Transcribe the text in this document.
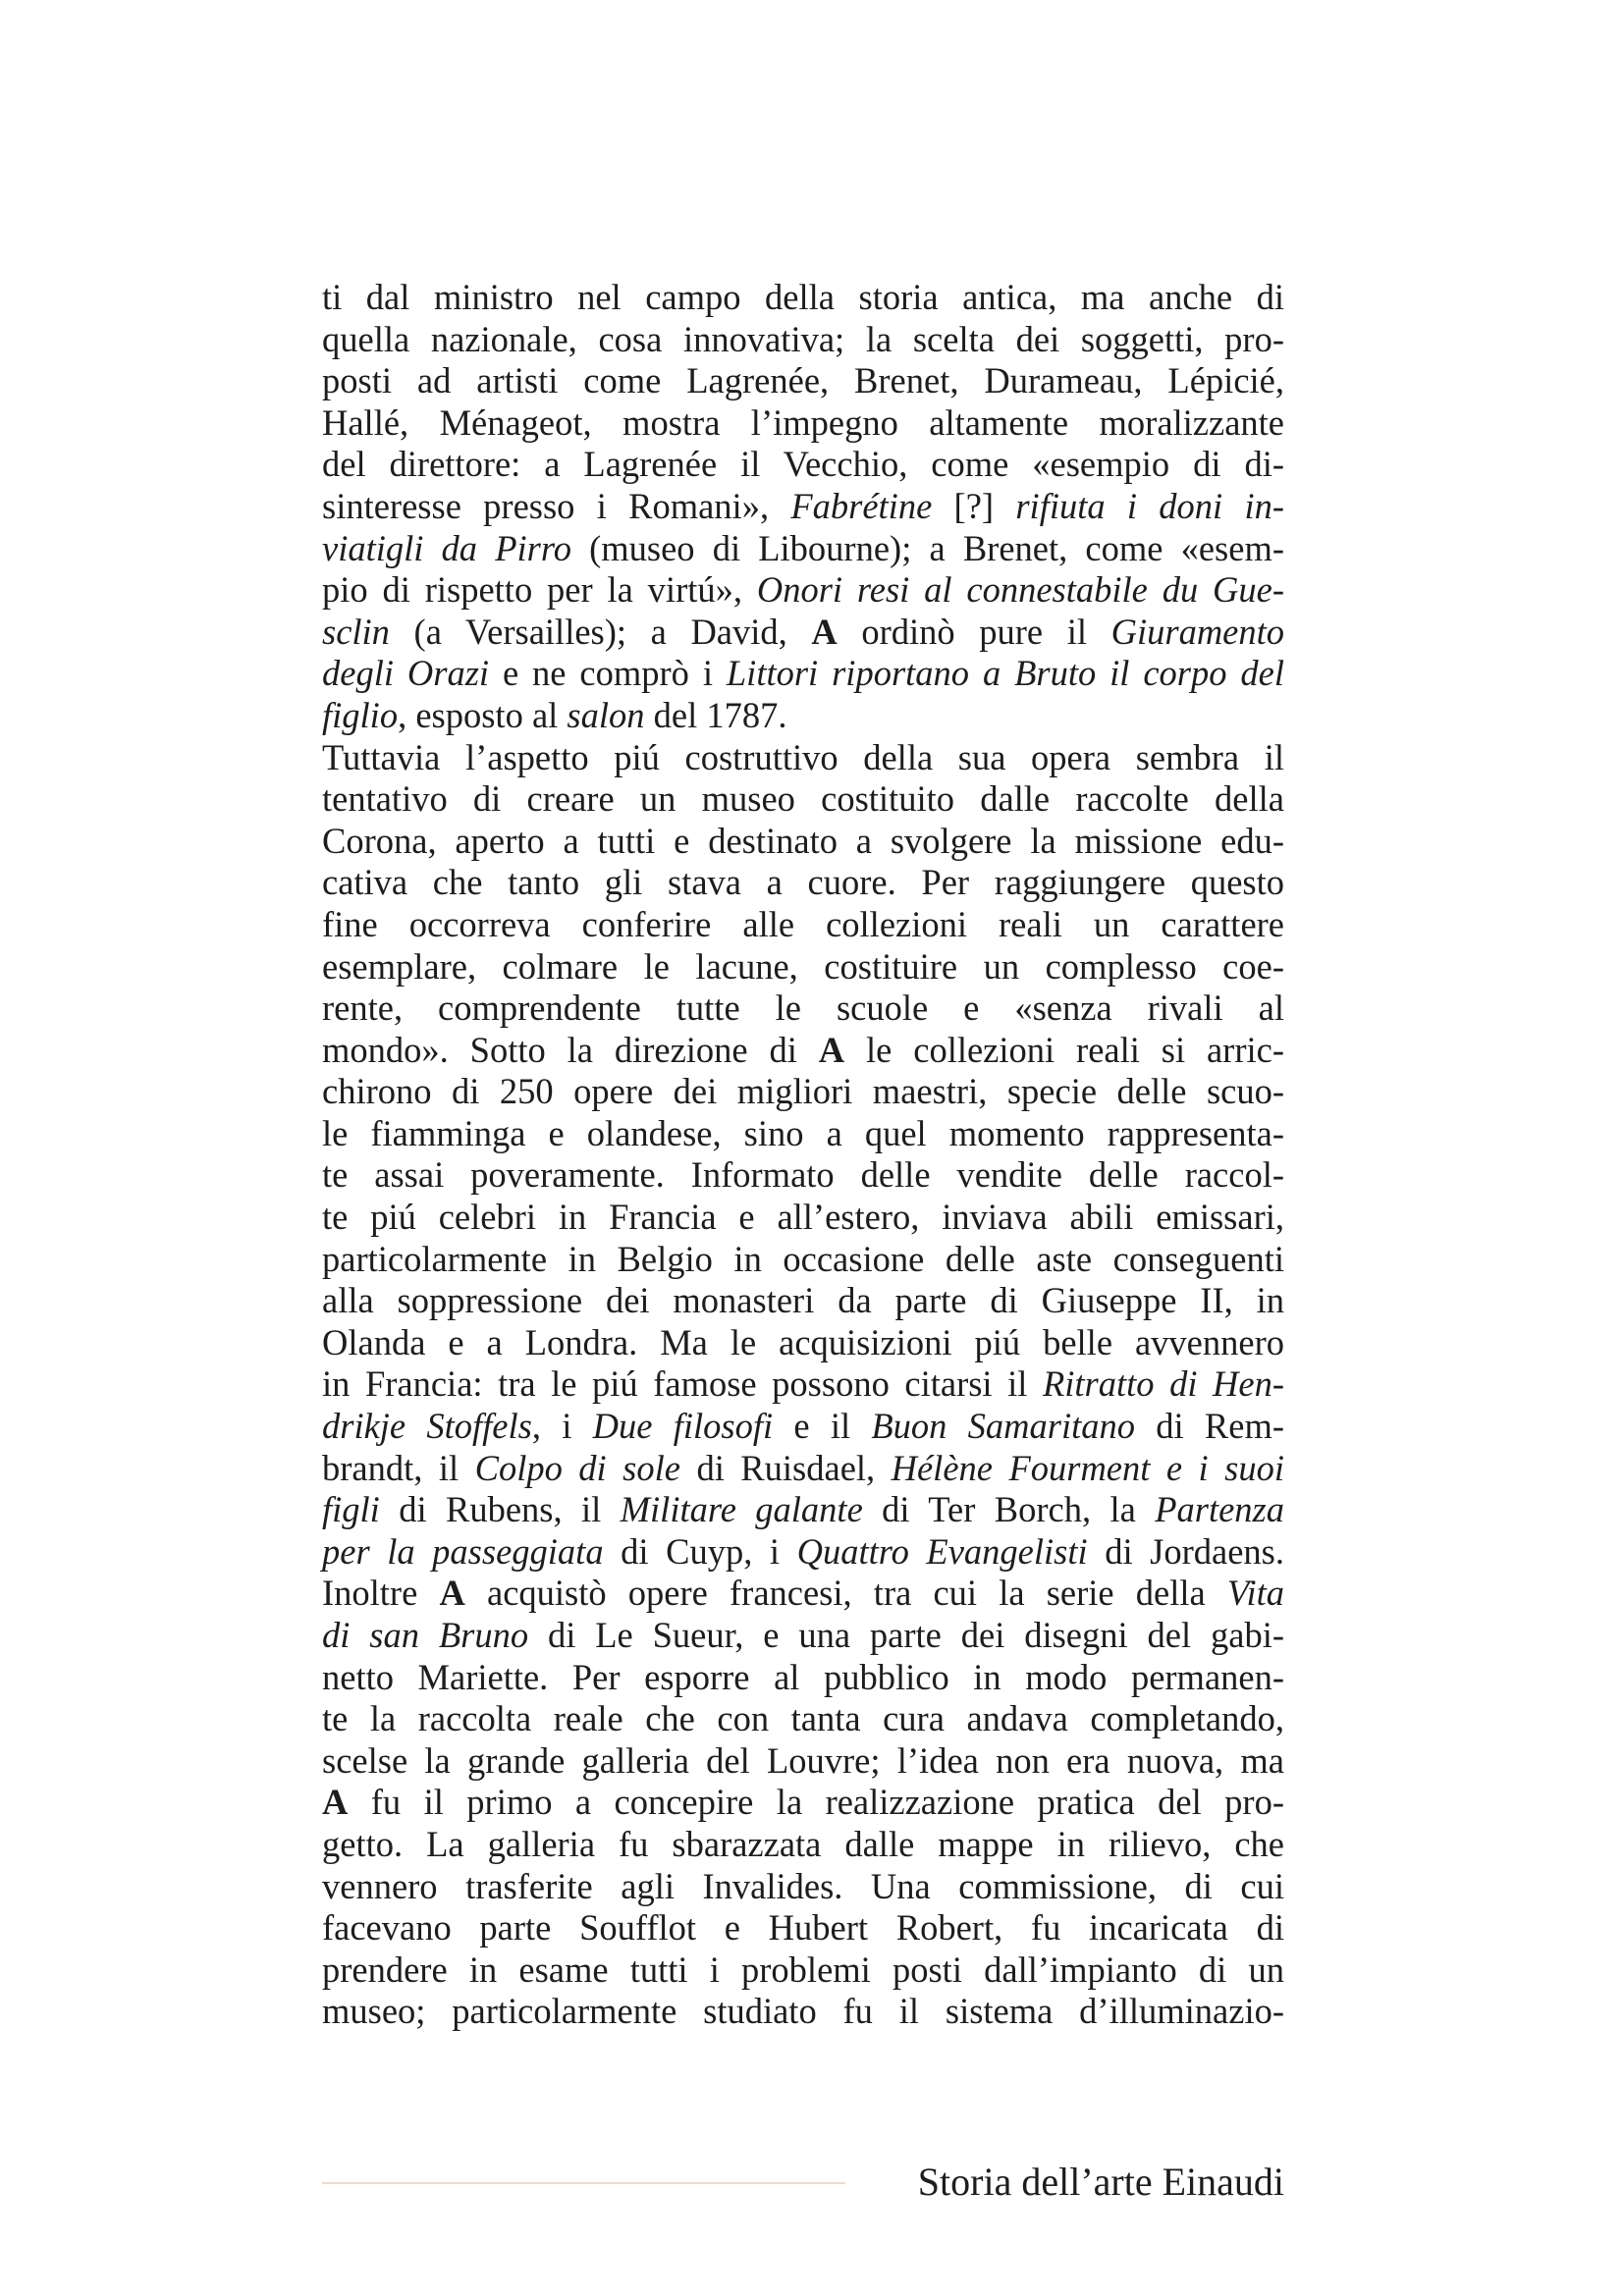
ti dal ministro nel campo della storia antica, ma anche di
quella nazionale, cosa innovativa; la scelta dei soggetti, pro-
posti ad artisti come Lagrenée, Brenet, Durameau, Lépicié,
Hallé, Ménageot, mostra l’impegno altamente moralizzante
del direttore: a Lagrenée il Vecchio, come «esempio di di-
sinteresse presso i Romani», Fabrétine [?] rifiuta i doni in-
viatigli da Pirro (museo di Libourne); a Brenet, come «esem-
pio di rispetto per la virtú», Onori resi al connestabile du Gue-
sclin (a Versailles); a David, A ordinò pure il Giuramento
degli Orazi e ne comprò i Littori riportano a Bruto il corpo del
figlio, esposto al salon del 1787.
Tuttavia l’aspetto piú costruttivo della sua opera sembra il
tentativo di creare un museo costituito dalle raccolte della
Corona, aperto a tutti e destinato a svolgere la missione edu-
cativa che tanto gli stava a cuore. Per raggiungere questo
fine occorreva conferire alle collezioni reali un carattere
esemplare, colmare le lacune, costituire un complesso coe-
rente, comprendente tutte le scuole e «senza rivali al
mondo». Sotto la direzione di A le collezioni reali si arric-
chirono di 250 opere dei migliori maestri, specie delle scuo-
le fiamminga e olandese, sino a quel momento rappresenta-
te assai poveramente. Informato delle vendite delle raccol-
te piú celebri in Francia e all’estero, inviava abili emissari,
particolarmente in Belgio in occasione delle aste conseguenti
alla soppressione dei monasteri da parte di Giuseppe II, in
Olanda e a Londra. Ma le acquisizioni piú belle avvennero
in Francia: tra le piú famose possono citarsi il Ritratto di Hen-
drikje Stoffels, i Due filosofi e il Buon Samaritano di Rem-
brandt, il Colpo di sole di Ruisdael, Hélène Fourment e i suoi
figli di Rubens, il Militare galante di Ter Borch, la Partenza
per la passeggiata di Cuyp, i Quattro Evangelisti di Jordaens.
Inoltre A acquistò opere francesi, tra cui la serie della Vita
di san Bruno di Le Sueur, e una parte dei disegni del gabi-
netto Mariette. Per esporre al pubblico in modo permanen-
te la raccolta reale che con tanta cura andava completando,
scelse la grande galleria del Louvre; l’idea non era nuova, ma
A fu il primo a concepire la realizzazione pratica del pro-
getto. La galleria fu sbarazzata dalle mappe in rilievo, che
vennero trasferite agli Invalides. Una commissione, di cui
facevano parte Soufflot e Hubert Robert, fu incaricata di
prendere in esame tutti i problemi posti dall’impianto di un
museo; particolarmente studiato fu il sistema d’illuminazio-
Storia dell’arte Einaudi
